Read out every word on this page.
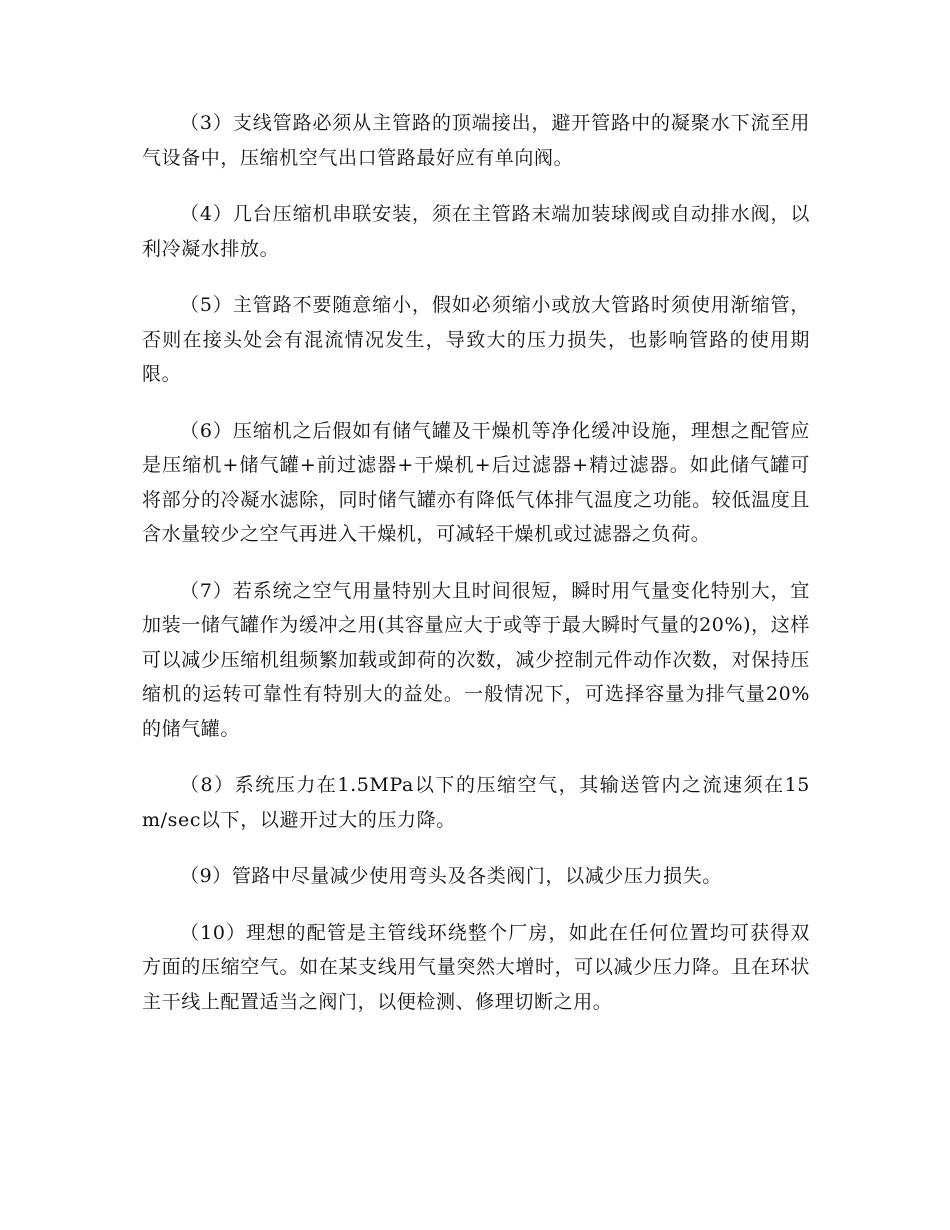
（3）支线管路必须从主管路的顶端接出，避开管路中的凝聚水下流至用气设备中，压缩机空气出口管路最好应有单向阀。

（4）几台压缩机串联安装，须在主管路末端加装球阀或自动排水阀，以利冷凝水排放。

（5）主管路不要随意缩小，假如必须缩小或放大管路时须使用渐缩管，否则在接头处会有混流情况发生，导致大的压力损失，也影响管路的使用期限。

（6）压缩机之后假如有储气罐及干燥机等净化缓冲设施，理想之配管应是压缩机+储气罐+前过滤器+干燥机+后过滤器+精过滤器。如此储气罐可将部分的冷凝水滤除，同时储气罐亦有降低气体排气温度之功能。较低温度且含水量较少之空气再进入干燥机，可减轻干燥机或过滤器之负荷。

（7）若系统之空气用量特别大且时间很短，瞬时用气量变化特别大，宜加装一储气罐作为缓冲之用(其容量应大于或等于最大瞬时气量的20%)，这样可以减少压缩机组频繁加载或卸荷的次数，减少控制元件动作次数，对保持压缩机的运转可靠性有特别大的益处。一般情况下，可选择容量为排气量20%的储气罐。

（8）系统压力在1.5MPa以下的压缩空气，其输送管内之流速须在15m/sec以下，以避开过大的压力降。

（9）管路中尽量减少使用弯头及各类阀门，以减少压力损失。

（10）理想的配管是主管线环绕整个厂房，如此在任何位置均可获得双方面的压缩空气。如在某支线用气量突然大增时，可以减少压力降。且在环状主干线上配置适当之阀门，以便检测、修理切断之用。
